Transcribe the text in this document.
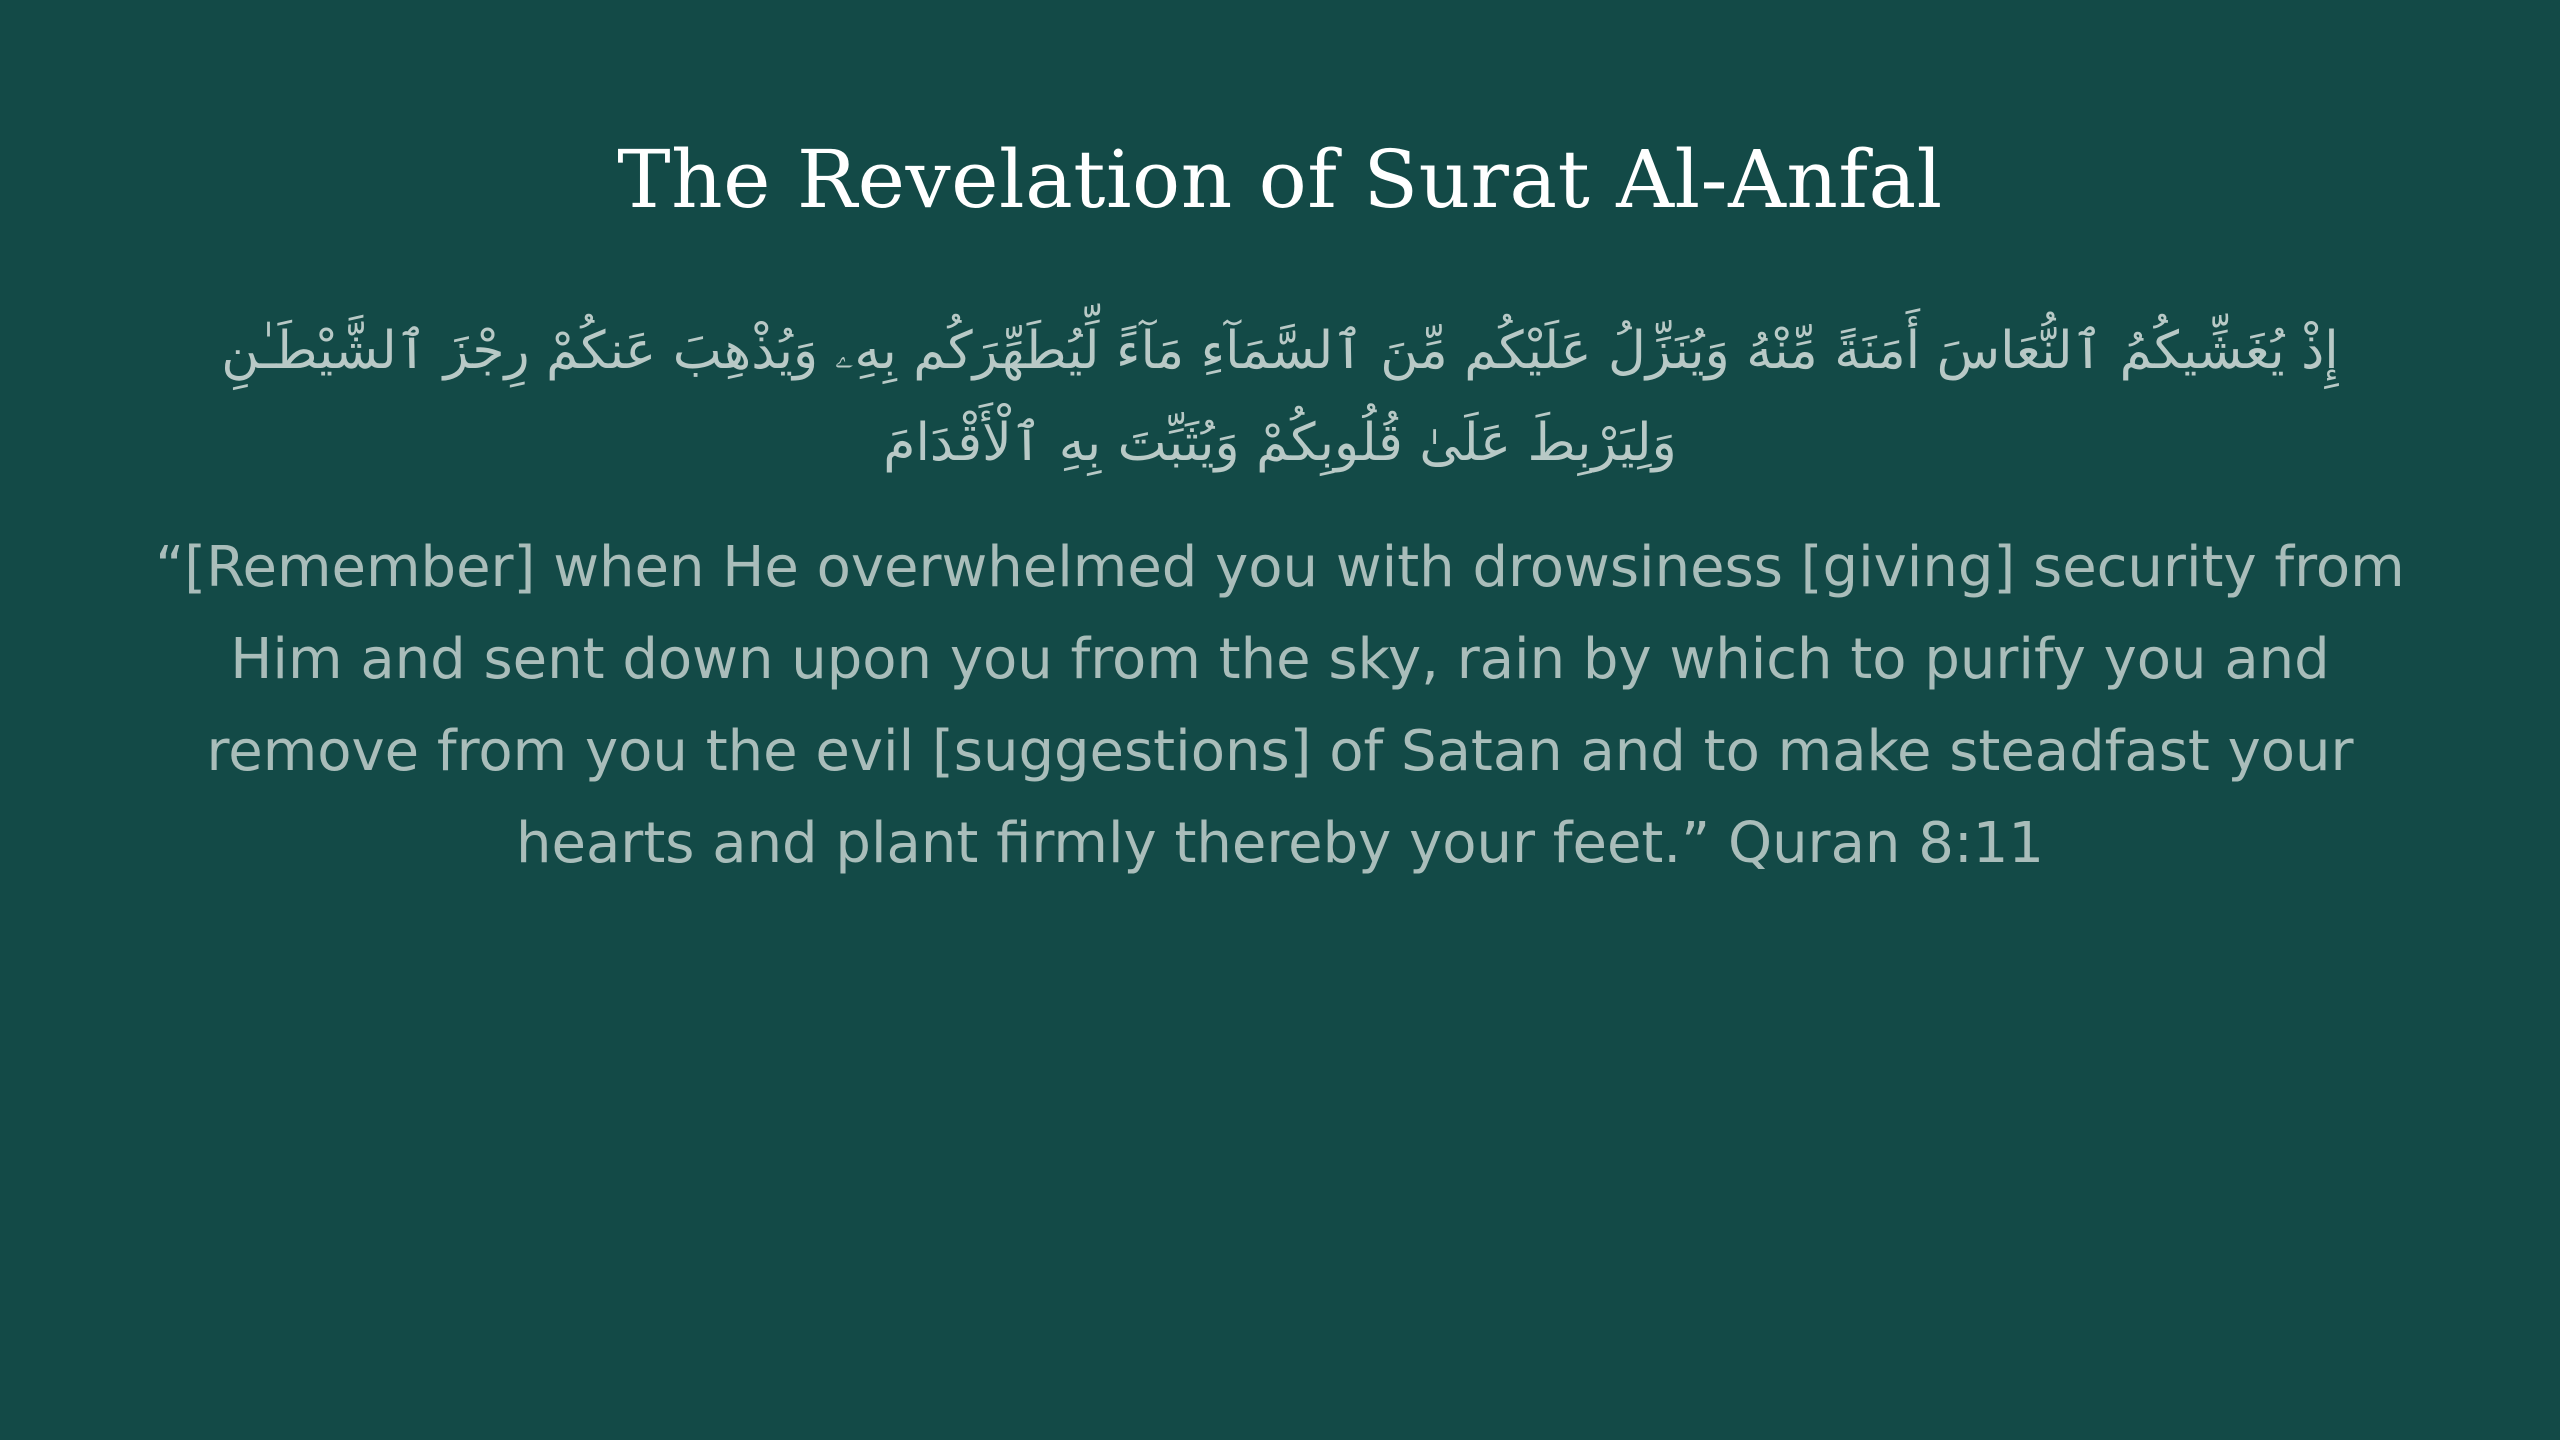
The Revelation of Surat Al-Anfal

إِذْ يُغَشِّيكُمُ ٱلنُّعَاسَ أَمَنَةً مِّنْهُ وَيُنَزِّلُ عَلَيْكُم مِّنَ ٱلسَّمَآءِ مَآءً لِّيُطَهِّرَكُم بِهِۦ وَيُذْهِبَ عَنكُمْ رِجْزَ ٱلشَّيْطَـٰنِ وَلِيَرْبِطَ عَلَىٰ قُلُوبِكُمْ وَيُثَبِّتَ بِهِ ٱلْأَقْدَامَ

“[Remember] when He overwhelmed you with drowsiness [giving] security from Him and sent down upon you from the sky, rain by which to purify you and remove from you the evil [suggestions] of Satan and to make steadfast your hearts and plant firmly thereby your feet.” Quran 8:11
